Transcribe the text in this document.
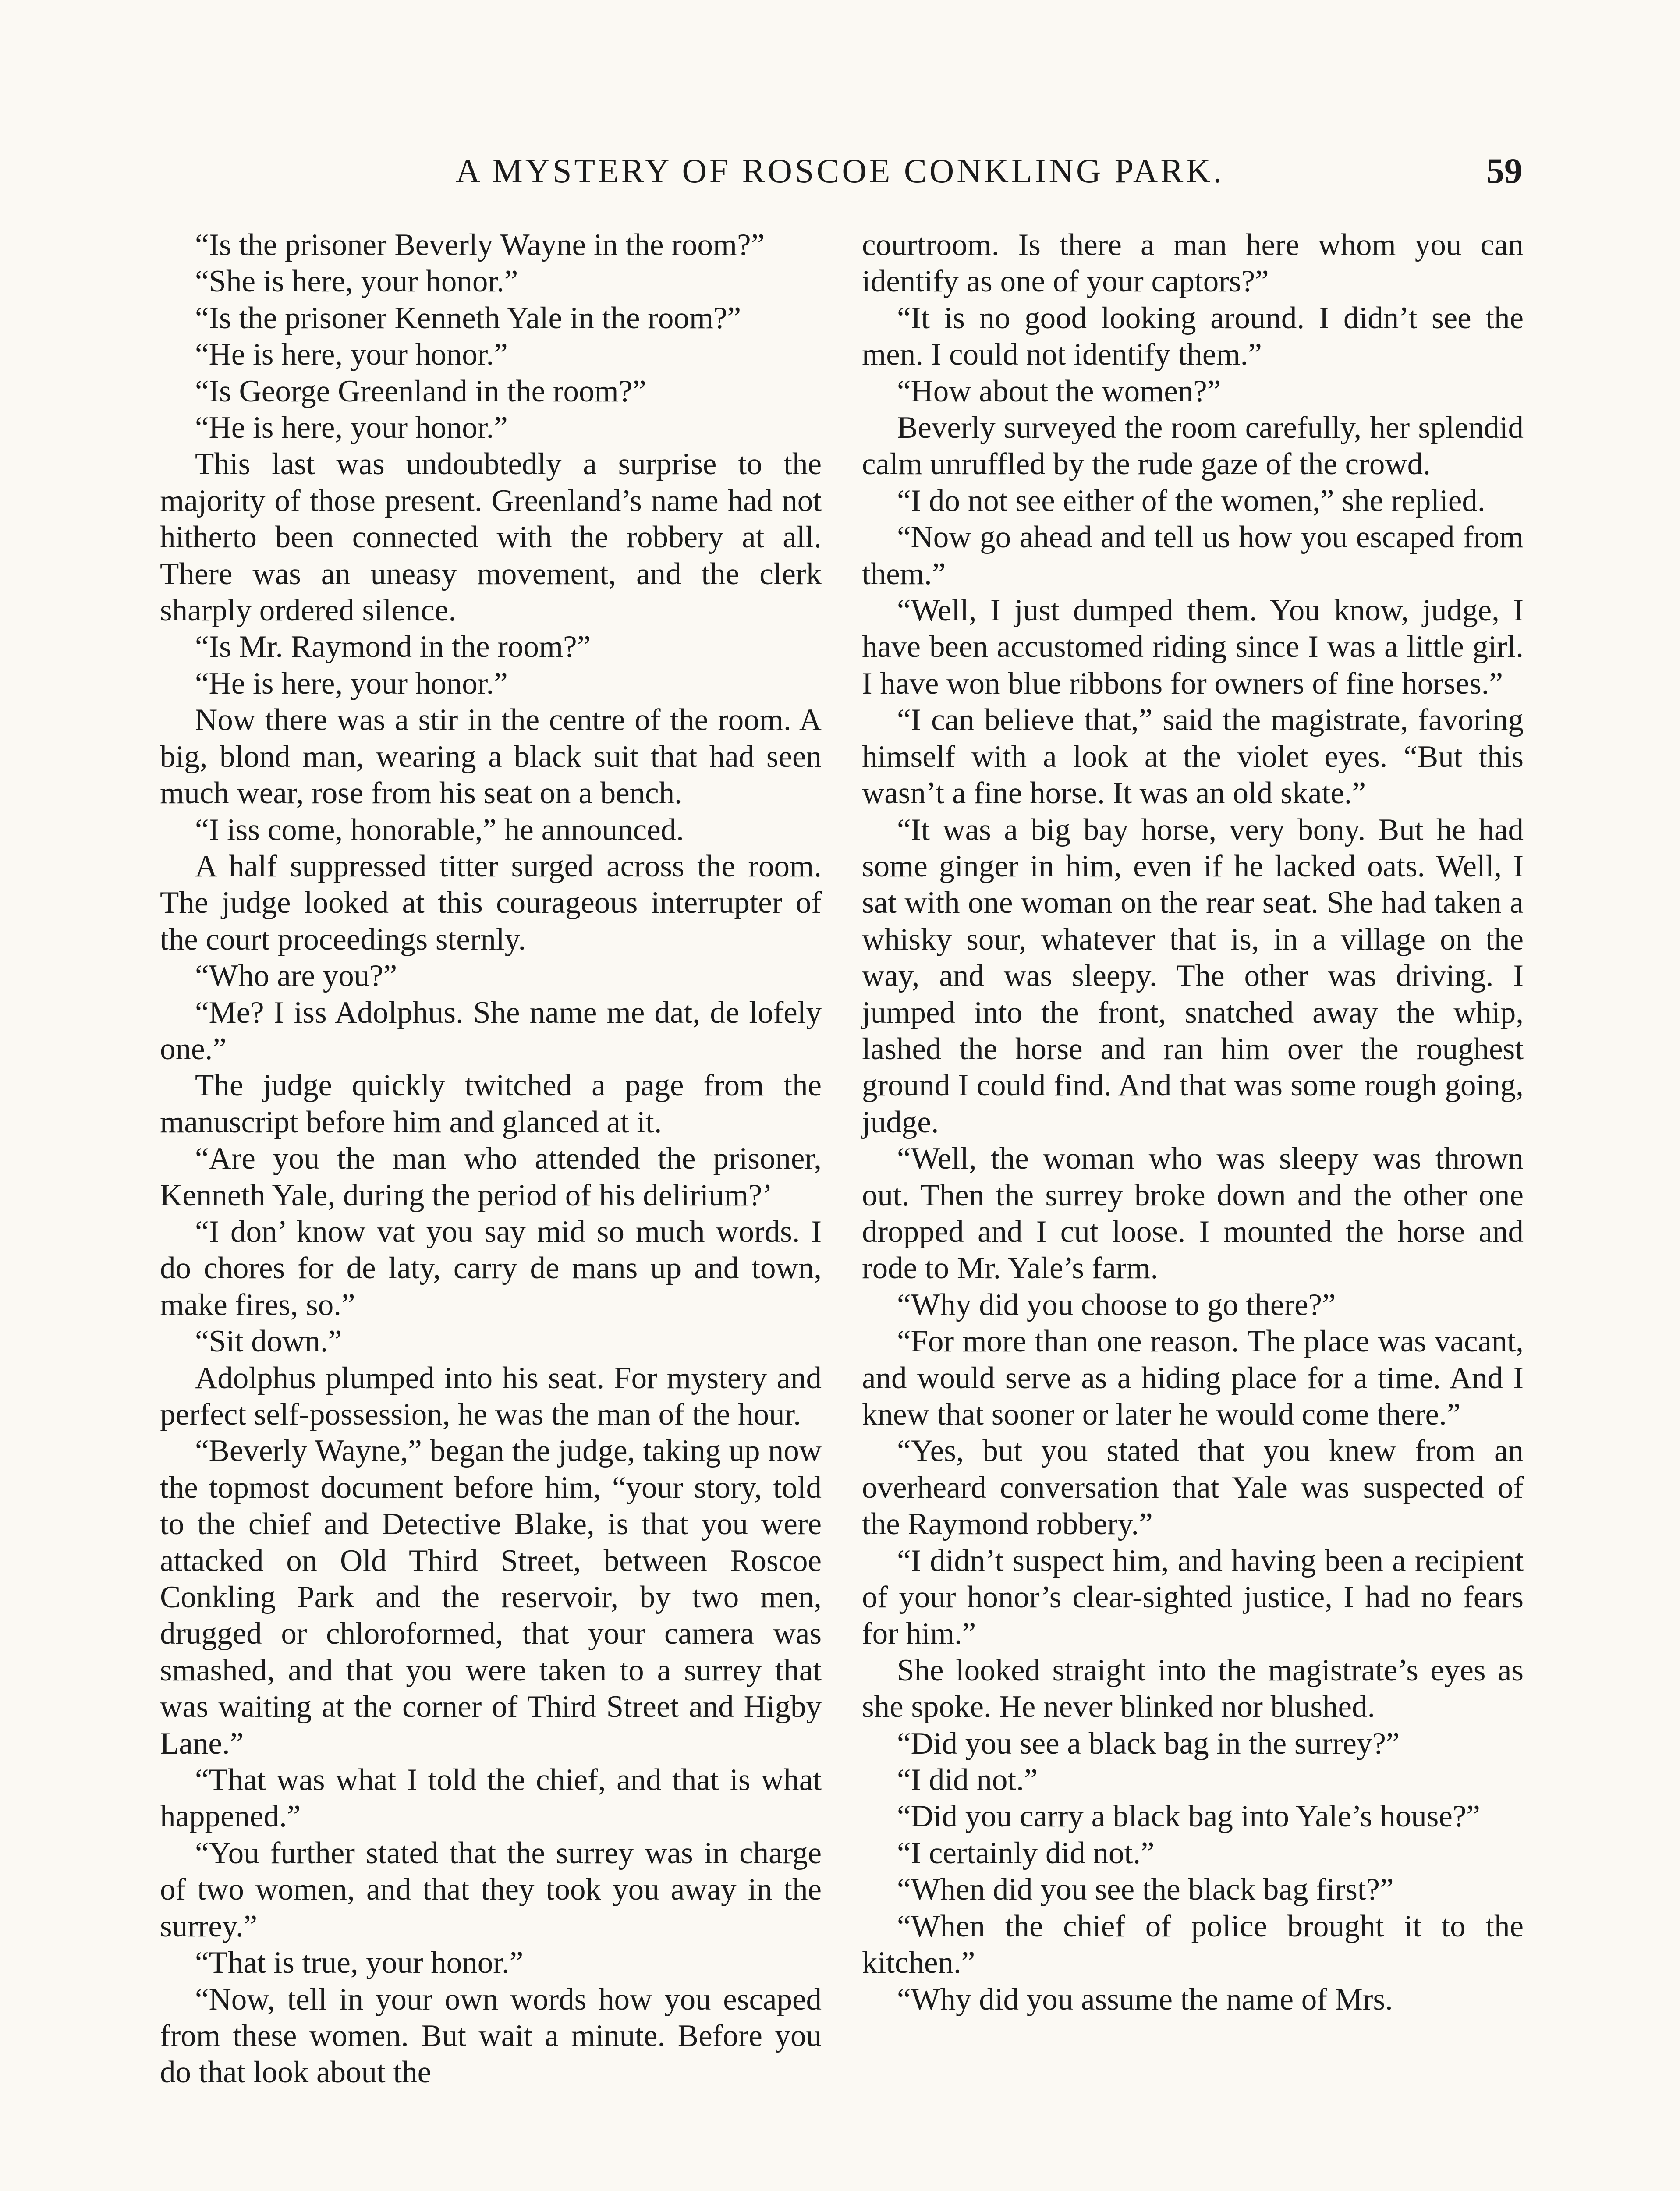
A MYSTERY OF ROSCOE CONKLING PARK.	59

“Is the prisoner Beverly Wayne in the room?”

“She is here, your honor.”

“Is the prisoner Kenneth Yale in the room?”

“He is here, your honor.”

“Is George Greenland in the room?”

“He is here, your honor.”

This last was undoubtedly a surprise to the majority of those present. Greenland’s name had not hitherto been connected with the robbery at all. There was an uneasy movement, and the clerk sharply ordered silence.

“Is Mr. Raymond in the room?”

“He is here, your honor.”

Now there was a stir in the centre of the room. A big, blond man, wearing a black suit that had seen much wear, rose from his seat on a bench.

“I iss come, honorable,” he announced.

A half suppressed titter surged across the room. The judge looked at this courageous interrupter of the court proceedings sternly.

“Who are you?”

“Me? I iss Adolphus. She name me dat, de lofely one.”

The judge quickly twitched a page from the manuscript before him and glanced at it.

“Are you the man who attended the prisoner, Kenneth Yale, during the period of his delirium?’

“I don’ know vat you say mid so much words. I do chores for de laty, carry de mans up and town, make fires, so.”

“Sit down.”

Adolphus plumped into his seat. For mystery and perfect self-possession, he was the man of the hour.

“Beverly Wayne,” began the judge, taking up now the topmost document before him, “your story, told to the chief and Detective Blake, is that you were attacked on Old Third Street, between Roscoe Conkling Park and the reservoir, by two men, drugged or chloroformed, that your camera was smashed, and that you were taken to a surrey that was waiting at the corner of Third Street and Higby Lane.”

“That was what I told the chief, and that is what happened.”

“You further stated that the surrey was in charge of two women, and that they took you away in the surrey.”

“That is true, your honor.”

“Now, tell in your own words how you escaped from these women. But wait a minute. Before you do that look about the

courtroom. Is there a man here whom you can identify as one of your captors?”

“It is no good looking around. I didn’t see the men. I could not identify them.”

“How about the women?”

Beverly surveyed the room carefully, her splendid calm unruffled by the rude gaze of the crowd.

“I do not see either of the women,” she replied.

“Now go ahead and tell us how you escaped from them.”

“Well, I just dumped them. You know, judge, I have been accustomed riding since I was a little girl. I have won blue ribbons for owners of fine horses.”

“I can believe that,” said the magistrate, favoring himself with a look at the violet eyes. “But this wasn’t a fine horse. It was an old skate.”

“It was a big bay horse, very bony. But he had some ginger in him, even if he lacked oats. Well, I sat with one woman on the rear seat. She had taken a whisky sour, whatever that is, in a village on the way, and was sleepy. The other was driving. I jumped into the front, snatched away the whip, lashed the horse and ran him over the roughest ground I could find. And that was some rough going, judge.

“Well, the woman who was sleepy was thrown out. Then the surrey broke down and the other one dropped and I cut loose. I mounted the horse and rode to Mr. Yale’s farm.

“Why did you choose to go there?”

“For more than one reason. The place was vacant, and would serve as a hiding place for a time. And I knew that sooner or later he would come there.”

“Yes, but you stated that you knew from an overheard conversation that Yale was suspected of the Raymond robbery.”

“I didn’t suspect him, and having been a recipient of your honor’s clear-sighted justice, I had no fears for him.”

She looked straight into the magistrate’s eyes as she spoke. He never blinked nor blushed.

“Did you see a black bag in the surrey?”

“I did not.”

“Did you carry a black bag into Yale’s house?”

“I certainly did not.”

“When did you see the black bag first?”

“When the chief of police brought it to the kitchen.”

“Why did you assume the name of Mrs.
